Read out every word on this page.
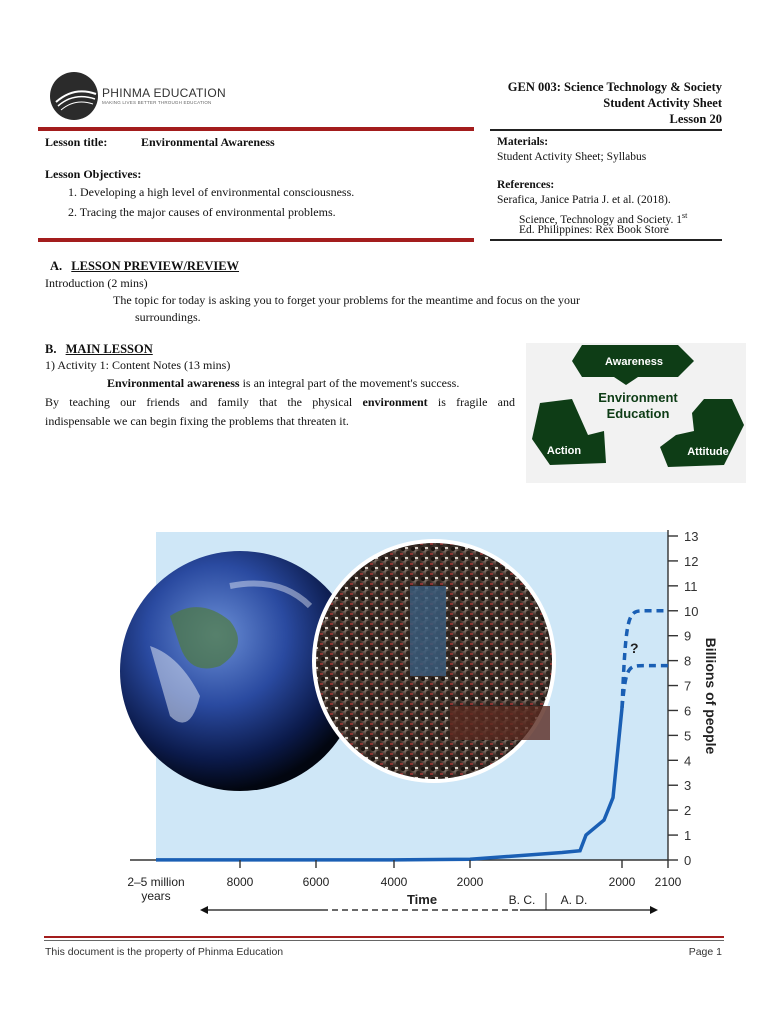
PHINMA EDUCATION
MAKING LIVES BETTER THROUGH EDUCATION
GEN 003: Science Technology & Society
Student Activity Sheet
Lesson 20
Lesson title:	Environmental Awareness
Lesson Objectives:
1. Developing a high level of environmental consciousness.
2. Tracing the major causes of environmental problems.
Materials:
Student Activity Sheet; Syllabus
References:
Serafica, Janice Patria J. et al. (2018).
Science, Technology and Society. 1st
Ed. Philippines: Rex Book Store
A. LESSON PREVIEW/REVIEW
Introduction (2 mins)
The topic for today is asking you to forget your problems for the meantime and focus on the your
surroundings.
B. MAIN LESSON
1) Activity 1: Content Notes (13 mins)
Environmental awareness is an integral part of the movement's success.
By teaching our friends and family that the physical environment is fragile and
indispensable we can begin fixing the problems that threaten it.
Awareness
Action	Attitude
Environment
Education
0
1
2
3
4
5
6
7
8
9
10
11
12
13
2–5 million
years
8000	6000	4000	2000	2000 2100
Billions of people
Time	B. C. A. D.
?
This document is the property of Phinma Education	Page 1
